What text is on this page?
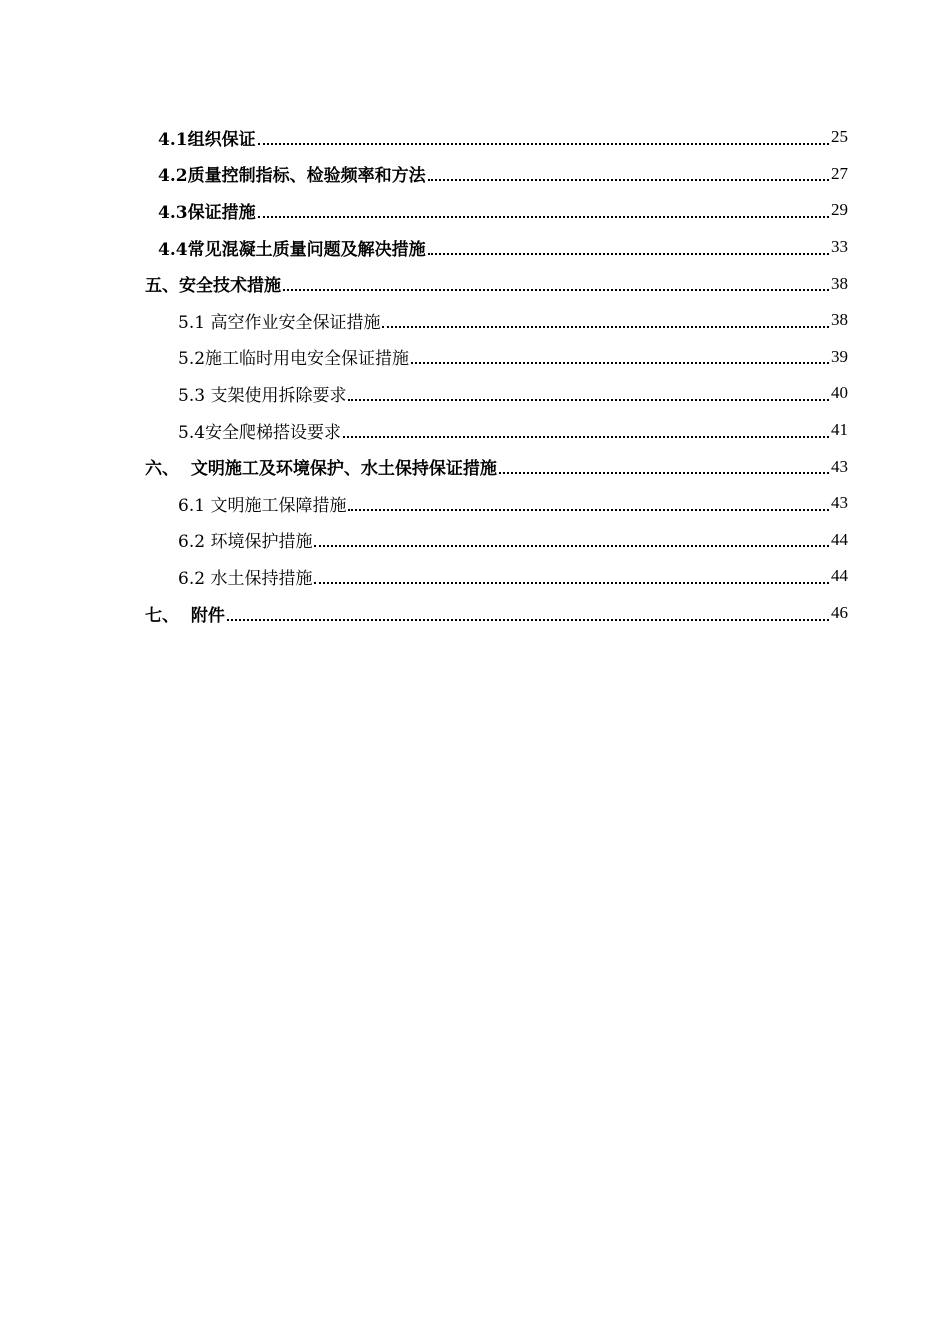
4.1组织保证	25
4.2质量控制指标、检验频率和方法	27
4.3保证措施	29
4.4常见混凝土质量问题及解决措施	33
五、安全技术措施	38
5.1 高空作业安全保证措施	38
5.2施工临时用电安全保证措施	39
5.3 支架使用拆除要求	40
5.4安全爬梯搭设要求	41
六、  文明施工及环境保护、水土保持保证措施	43
6.1 文明施工保障措施	43
6.2 环境保护措施	44
6.2 水土保持措施	44
七、  附件	46
